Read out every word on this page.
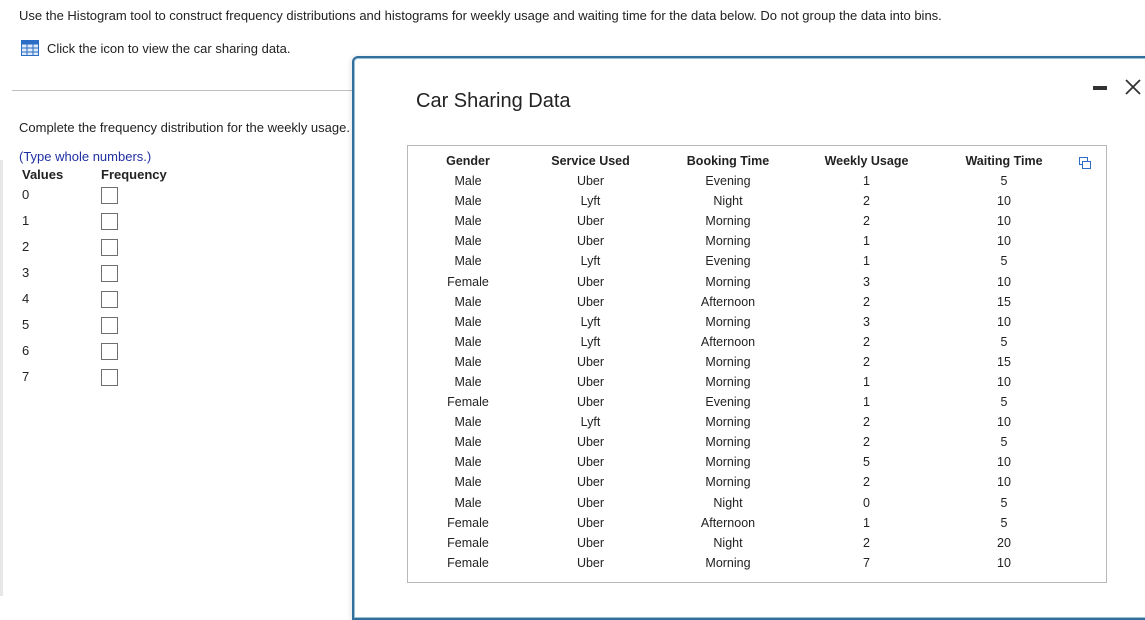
Use the Histogram tool to construct frequency distributions and histograms for weekly usage and waiting time for the data below. Do not group the data into bins.
Click the icon to view the car sharing data.
Complete the frequency distribution for the weekly usage.
(Type whole numbers.)
Values	Frequency
0
1
2
3
4
5
6
7
Car Sharing Data
Gender	Service Used	Booking Time	Weekly Usage	Waiting Time
Male	Uber	Evening	1	5
Male	Lyft	Night	2	10
Male	Uber	Morning	2	10
Male	Uber	Morning	1	10
Male	Lyft	Evening	1	5
Female	Uber	Morning	3	10
Male	Uber	Afternoon	2	15
Male	Lyft	Morning	3	10
Male	Lyft	Afternoon	2	5
Male	Uber	Morning	2	15
Male	Uber	Morning	1	10
Female	Uber	Evening	1	5
Male	Lyft	Morning	2	10
Male	Uber	Morning	2	5
Male	Uber	Morning	5	10
Male	Uber	Morning	2	10
Male	Uber	Night	0	5
Female	Uber	Afternoon	1	5
Female	Uber	Night	2	20
Female	Uber	Morning	7	10
